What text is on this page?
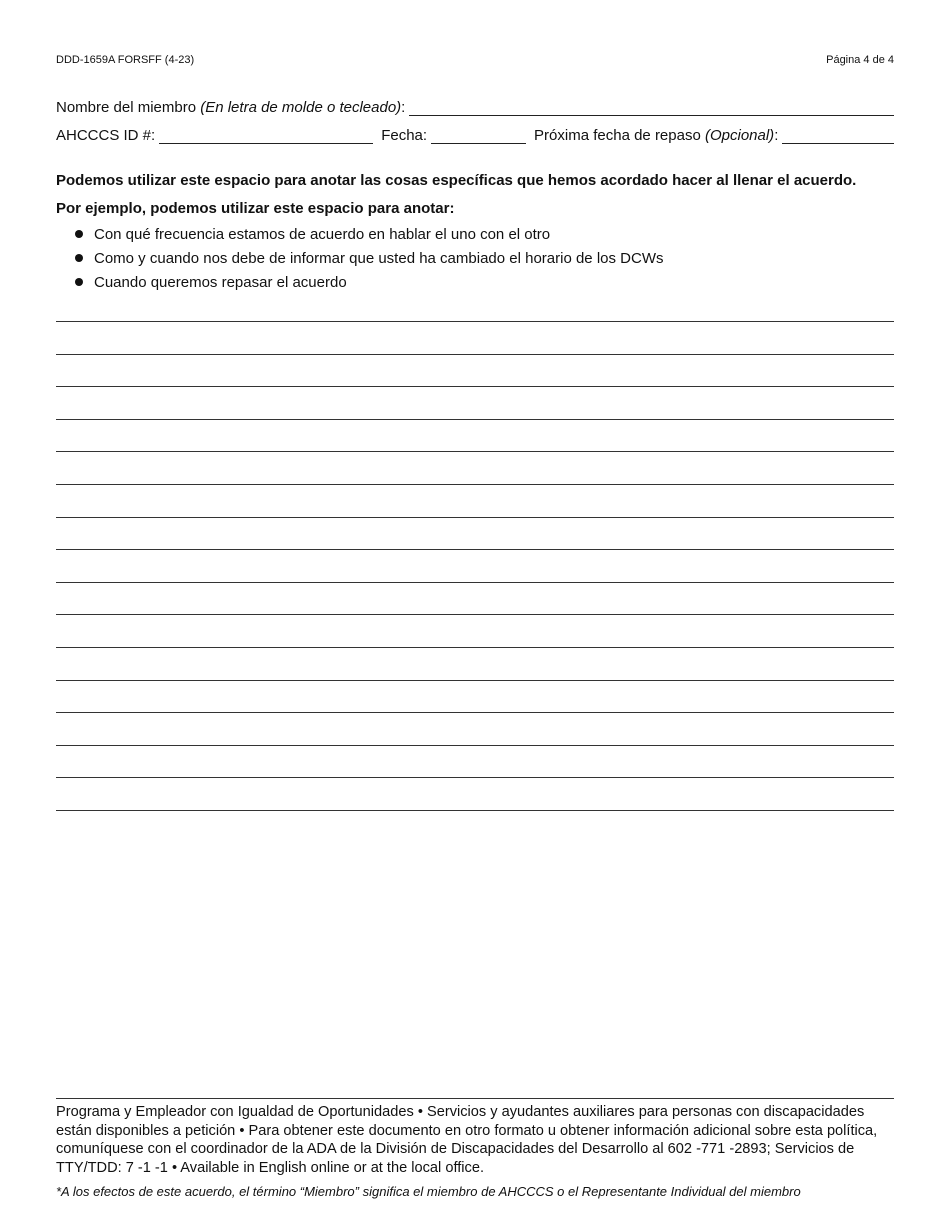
DDD-1659A FORSFF (4-23)	Página 4 de 4
Nombre del miembro (En letra de molde o tecleado):
AHCCCS ID #:	Fecha:	Próxima fecha de repaso (Opcional):
Podemos utilizar este espacio para anotar las cosas específicas que hemos acordado hacer al llenar el acuerdo.
Por ejemplo, podemos utilizar este espacio para anotar:
Con qué frecuencia estamos de acuerdo en hablar el uno con el otro
Como y cuando nos debe de informar que usted ha cambiado el horario de los DCWs
Cuando queremos repasar el acuerdo
Programa y Empleador con Igualdad de Oportunidades • Servicios y ayudantes auxiliares para personas con discapacidades están disponibles a petición • Para obtener este documento en otro formato u obtener información adicional sobre esta política, comuníquese con el coordinador de la ADA de la División de Discapacidades del Desarrollo al 602 -771 -2893; Servicios de TTY/TDD: 7 -1 -1 • Available in English online or at the local office.
*A los efectos de este acuerdo, el término “Miembro” significa el miembro de AHCCCS o el Representante Individual del miembro
